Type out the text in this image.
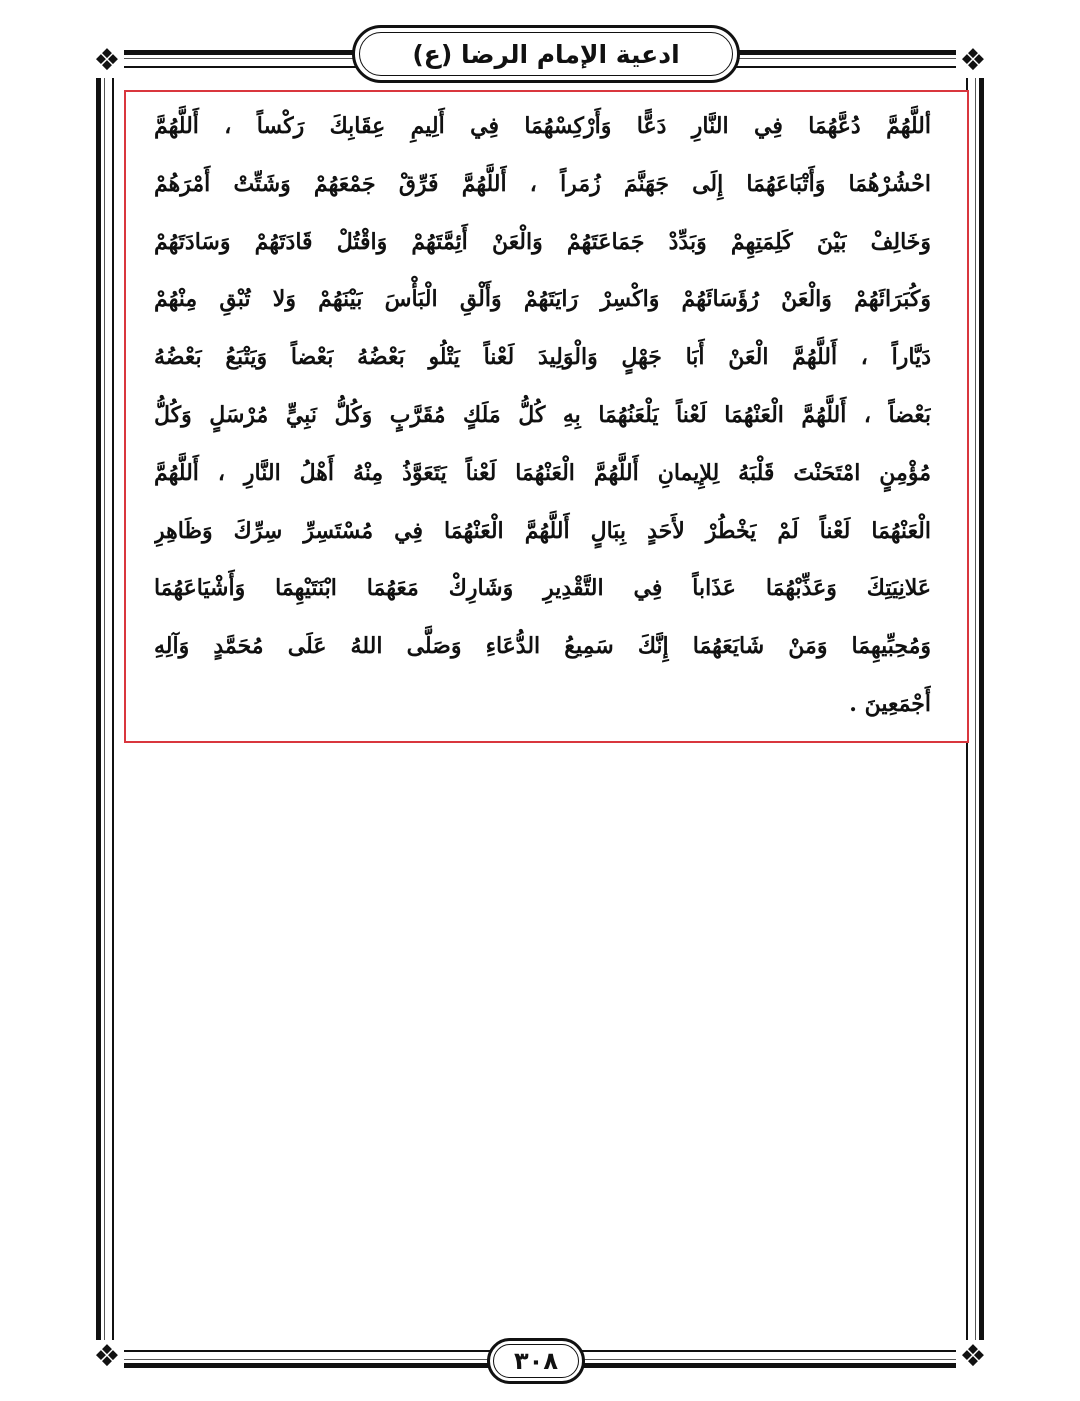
❖	❖
❖	❖
ادعية الإمام الرضا (ع)
أللَّهُمَّ دُعَّهُمَا فِي النَّارِ دَعًّا وَأَرْكِسْهُمَا فِي أَلِيمِ عِقَابِكَ رَكْساً ، أَللَّهُمَّ
احْشُرْهُمَا وَأَتْبَاعَهُمَا إِلَى جَهَنَّمَ زُمَراً ، أَللَّهُمَّ فَرِّقْ جَمْعَهُمْ وَشَتِّتْ أَمْرَهُمْ
وَخَالِفْ بَيْنَ كَلِمَتِهِمْ وَبَدِّدْ جَمَاعَتَهُمْ وَالْعَنْ أَئِمَّتَهُمْ وَاقْتُلْ قَادَتَهُمْ وَسَادَتَهُمْ
وَكُبَرَائَهُمْ وَالْعَنْ رُؤَسَائَهُمْ وَاكْسِرْ رَايَتَهُمْ وَأَلْقِ الْبَأْسَ بَيْنَهُمْ وَلا تُبْقِ مِنْهُمْ
دَيَّاراً ، أَللَّهُمَّ الْعَنْ أَبَا جَهْلٍ وَالْوَلِيدَ لَعْناً يَتْلُو بَعْضُهُ بَعْضاً وَيَتْبَعُ بَعْضُهُ
بَعْضاً ، أَللَّهُمَّ الْعَنْهُمَا لَعْناً يَلْعَنُهُمَا بِهِ كُلُّ مَلَكٍ مُقَرَّبٍ وَكُلُّ نَبِيٍّ مُرْسَلٍ وَكُلُّ
مُؤْمِنٍ امْتَحَنْتَ قَلْبَهُ لِلإِيمانِ أَللَّهُمَّ الْعَنْهُمَا لَعْناً يَتَعَوَّذُ مِنْهُ أَهْلُ النَّارِ ، أَللَّهُمَّ
الْعَنْهُمَا لَعْناً لَمْ يَخْطُرْ لأَحَدٍ بِبَالٍ أَللَّهُمَّ الْعَنْهُمَا فِي مُسْتَسِرِّ سِرِّكَ وَظَاهِرِ
عَلانِيَتِكَ وَعَذِّبْهُمَا عَذَاباً فِي التَّقْدِيرِ وَشَارِكْ مَعَهُمَا ابْنَتَيْهِمَا وَأَشْيَاعَهُمَا
وَمُحِبِّيهِمَا وَمَنْ شَايَعَهُمَا إِنَّكَ سَمِيعُ الدُّعَاءِ وَصَلَّى اللهُ عَلَى مُحَمَّدٍ وَآلِهِ
أَجْمَعِينَ .
٣٠٨
